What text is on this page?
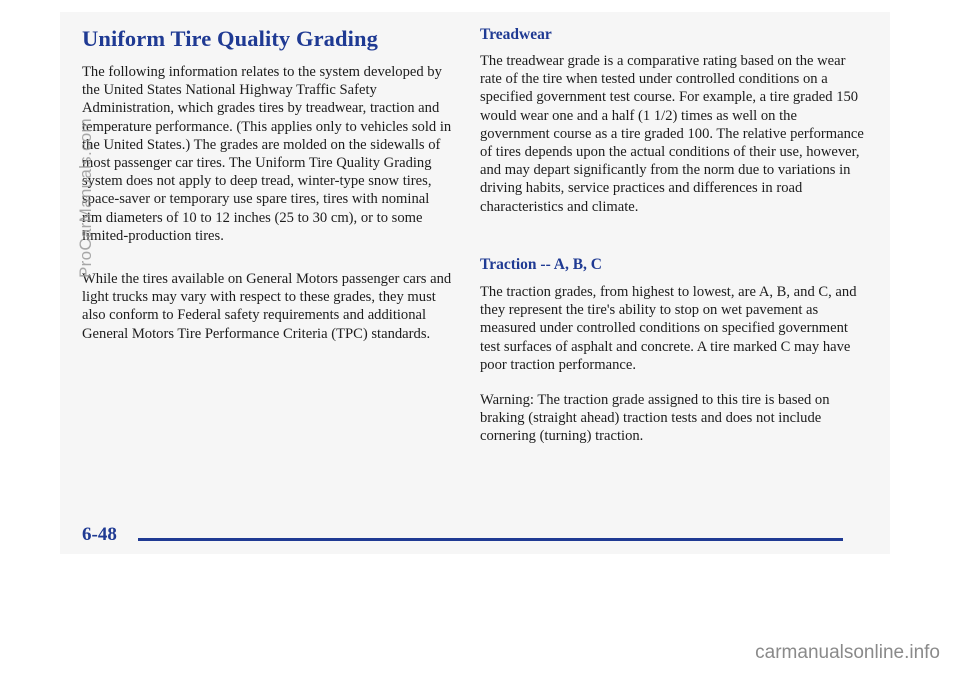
Uniform Tire Quality Grading

The following information relates to the system developed by the United States National Highway Traffic Safety Administration, which grades tires by treadwear, traction and temperature performance. (This applies only to vehicles sold in the United States.) The grades are molded on the sidewalls of most passenger car tires. The Uniform Tire Quality Grading system does not apply to deep tread, winter-type snow tires, space-saver or temporary use spare tires, tires with nominal rim diameters of 10 to 12 inches (25 to 30 cm), or to some limited-production tires.

While the tires available on General Motors passenger cars and light trucks may vary with respect to these grades, they must also conform to Federal safety requirements and additional General Motors Tire Performance Criteria (TPC) standards.

Treadwear

The treadwear grade is a comparative rating based on the wear rate of the tire when tested under controlled conditions on a specified government test course. For example, a tire graded 150 would wear one and a half (1 1/2) times as well on the government course as a tire graded 100. The relative performance of tires depends upon the actual conditions of their use, however, and may depart significantly from the norm due to variations in driving habits, service practices and differences in road characteristics and climate.

Traction -- A, B, C

The traction grades, from highest to lowest, are A, B, and C, and they represent the tire's ability to stop on wet pavement as measured under controlled conditions on specified government test surfaces of asphalt and concrete. A tire marked C may have poor traction performance.

Warning: The traction grade assigned to this tire is based on braking (straight ahead) traction tests and does not include cornering (turning) traction.

6-48
ProCarManuals.com
carmanualsonline.info
